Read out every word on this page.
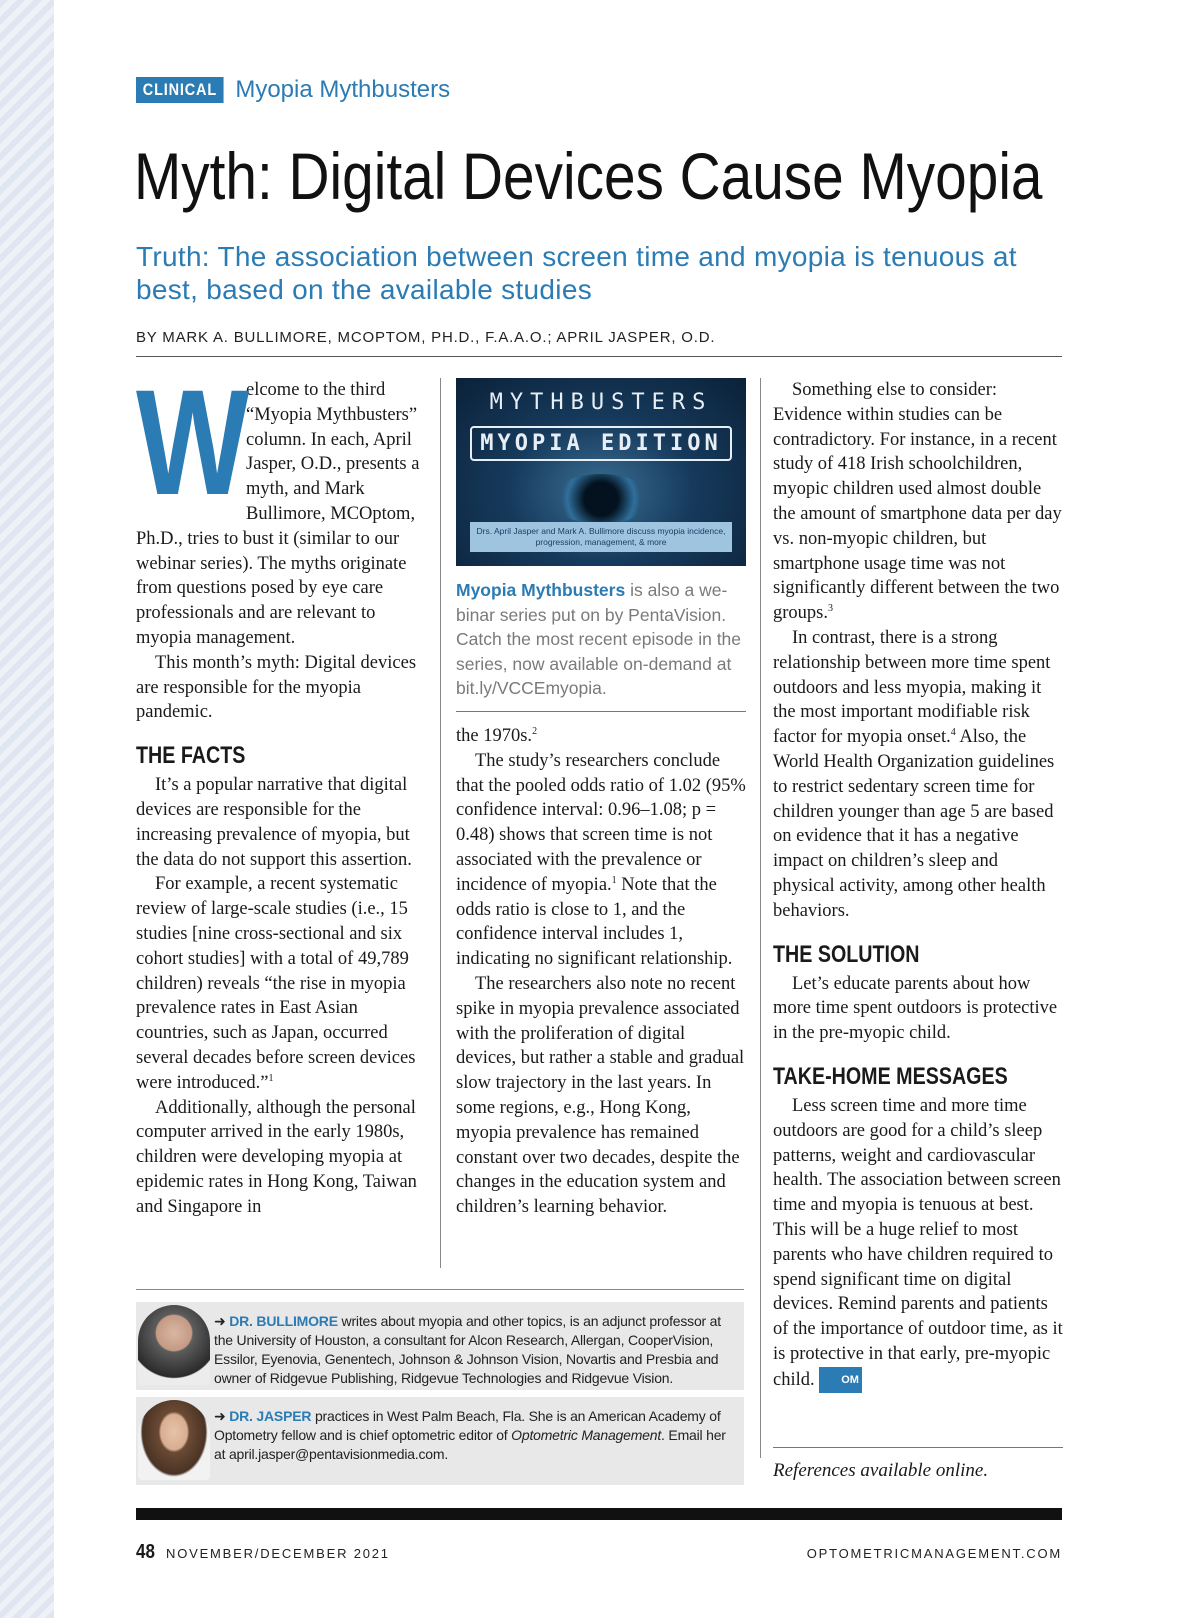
CLINICAL Myopia Mythbusters
Myth: Digital Devices Cause Myopia
Truth: The association between screen time and myopia is tenuous at best, based on the available studies
BY MARK A. BULLIMORE, MCOPTOM, PH.D., F.A.A.O.; APRIL JASPER, O.D.
W

elcome to the third “Myopia Mythbusters” column. In each, April Jasper, O.D., presents a myth, and Mark Bullimore, MCOptom, Ph.D., tries to bust it (similar to our webinar series). The myths originate from questions posed by eye care professionals and are relevant to myopia management.

This month’s myth: Digital devices are responsible for the myopia pandemic.

THE FACTS

It’s a popular narrative that digital devices are responsible for the increasing prevalence of myopia, but the data do not support this assertion.

For example, a recent systematic review of large-scale studies (i.e., 15 studies [nine cross-sectional and six cohort studies] with a total of 49,789 children) reveals “the rise in myopia prevalence rates in East Asian countries, such as Japan, occurred several decades before screen devices were introduced.”$^1$

Additionally, although the personal computer arrived in the early 1980s, children were developing myopia at epidemic rates in Hong Kong, Taiwan and Singapore in

MYTHBUSTERS
MYOPIA EDITION
Drs. April Jasper and Mark A. Bullimore discuss myopia incidence, progression, management, & more
Myopia Mythbusters is also a webinar series put on by PentaVision. Catch the most recent episode in the series, now available on-demand at bit.ly/VCCEmyopia.

the 1970s.$^2$

The study’s researchers conclude that the pooled odds ratio of 1.02 (95% confidence interval: 0.96–1.08; p = 0.48) shows that screen time is not associated with the prevalence or incidence of myopia.$^1$ Note that the odds ratio is close to 1, and the confidence interval includes 1, indicating no significant relationship.

The researchers also note no recent spike in myopia prevalence associated with the proliferation of digital devices, but rather a stable and gradual slow trajectory in the last years. In some regions, e.g., Hong Kong, myopia prevalence has remained constant over two decades, despite the changes in the education system and children’s learning behavior.

Something else to consider: Evidence within studies can be contradictory. For instance, in a recent study of 418 Irish schoolchildren, myopic children used almost double the amount of smartphone data per day vs. non-myopic children, but smartphone usage time was not significantly different between the two groups.$^3$

In contrast, there is a strong relationship between more time spent outdoors and less myopia, making it the most important modifiable risk factor for myopia onset.$^4$ Also, the World Health Organization guidelines to restrict sedentary screen time for children younger than age 5 are based on evidence that it has a negative impact on children’s sleep and physical activity, among other health behaviors.

THE SOLUTION

Let’s educate parents about how more time spent outdoors is protective in the pre-myopic child.

TAKE-HOME MESSAGES

Less screen time and more time outdoors are good for a child’s sleep patterns, weight and cardiovascular health. The association between screen time and myopia is tenuous at best. This will be a huge relief to most parents who have children required to spend significant time on digital devices. Remind parents and patients of the importance of outdoor time, as it is protective in that early, pre-myopic child. OM

References available online.
➜ DR. BULLIMORE writes about myopia and other topics, is an adjunct professor at the University of Houston, a consultant for Alcon Research, Allergan, CooperVision, Essilor, Eyenovia, Genentech, Johnson & Johnson Vision, Novartis and Presbia and owner of Ridgevue Publishing, Ridgevue Technologies and Ridgevue Vision.
➜ DR. JASPER practices in West Palm Beach, Fla. She is an American Academy of Optometry fellow and is chief optometric editor of Optometric Management. Email her at april.jasper@pentavisionmedia.com.
48 NOVEMBER/DECEMBER 2021	OPTOMETRICMANAGEMENT.COM
